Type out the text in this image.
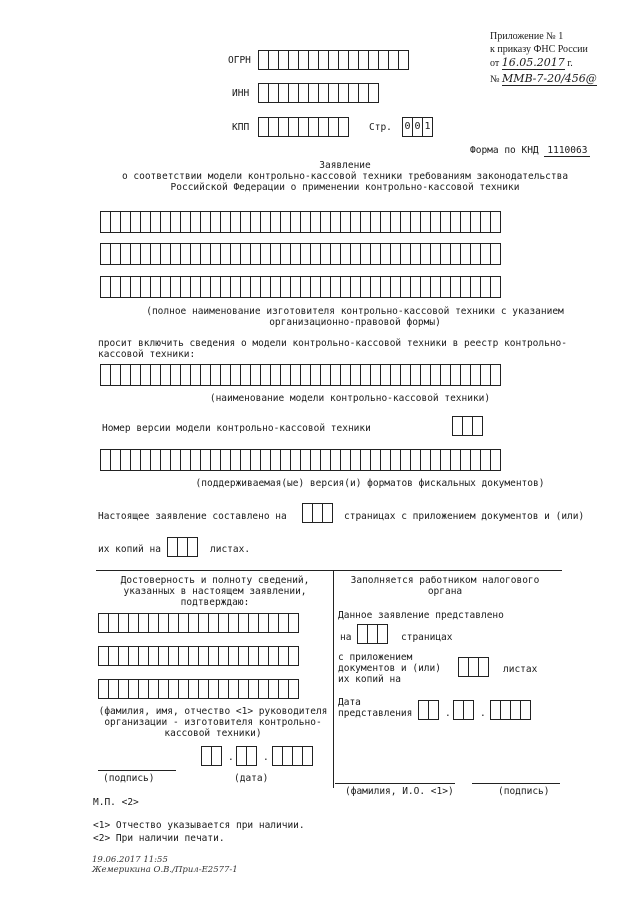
Приложение № 1
к приказу ФНС России
от 16.05.2017 г.
№ ММВ-7-20/456@
ОГРН
ИНН
КПП	Стр. 0 0 1
Форма по КНД 1110063
Заявление
о соответствии модели контрольно-кассовой техники требованиям законодательства
Российской Федерации о применении контрольно-кассовой техники
(полное наименование изготовителя контрольно-кассовой техники с указанием организационно-правовой формы)
просит включить сведения о модели контрольно-кассовой техники в реестр контрольно-кассовой техники:
(наименование модели контрольно-кассовой техники)
Номер версии модели контрольно-кассовой техники
(поддерживаемая(ые) версия(и) форматов фискальных документов)
Настоящее заявление составлено на	страницах с приложением документов и (или)
их копий на	листах.
Достоверность и полноту сведений, указанных в настоящем заявлении, подтверждаю:
(фамилия, имя, отчество <1> руководителя организации - изготовителя контрольно-кассовой техники)
.	.
(подпись)	(дата)
М.П. <2>
Заполняется работником налогового органа
Данное заявление представлено
на	страницах
с приложением документов и (или) их копий на
листах
Дата представления	.	.
(фамилия, И.О. <1>)	(подпись)
<1> Отчество указывается при наличии.
<2> При наличии печати.
19.06.2017 11:55
Жемерикина О.В./Прил-Е2577-1
